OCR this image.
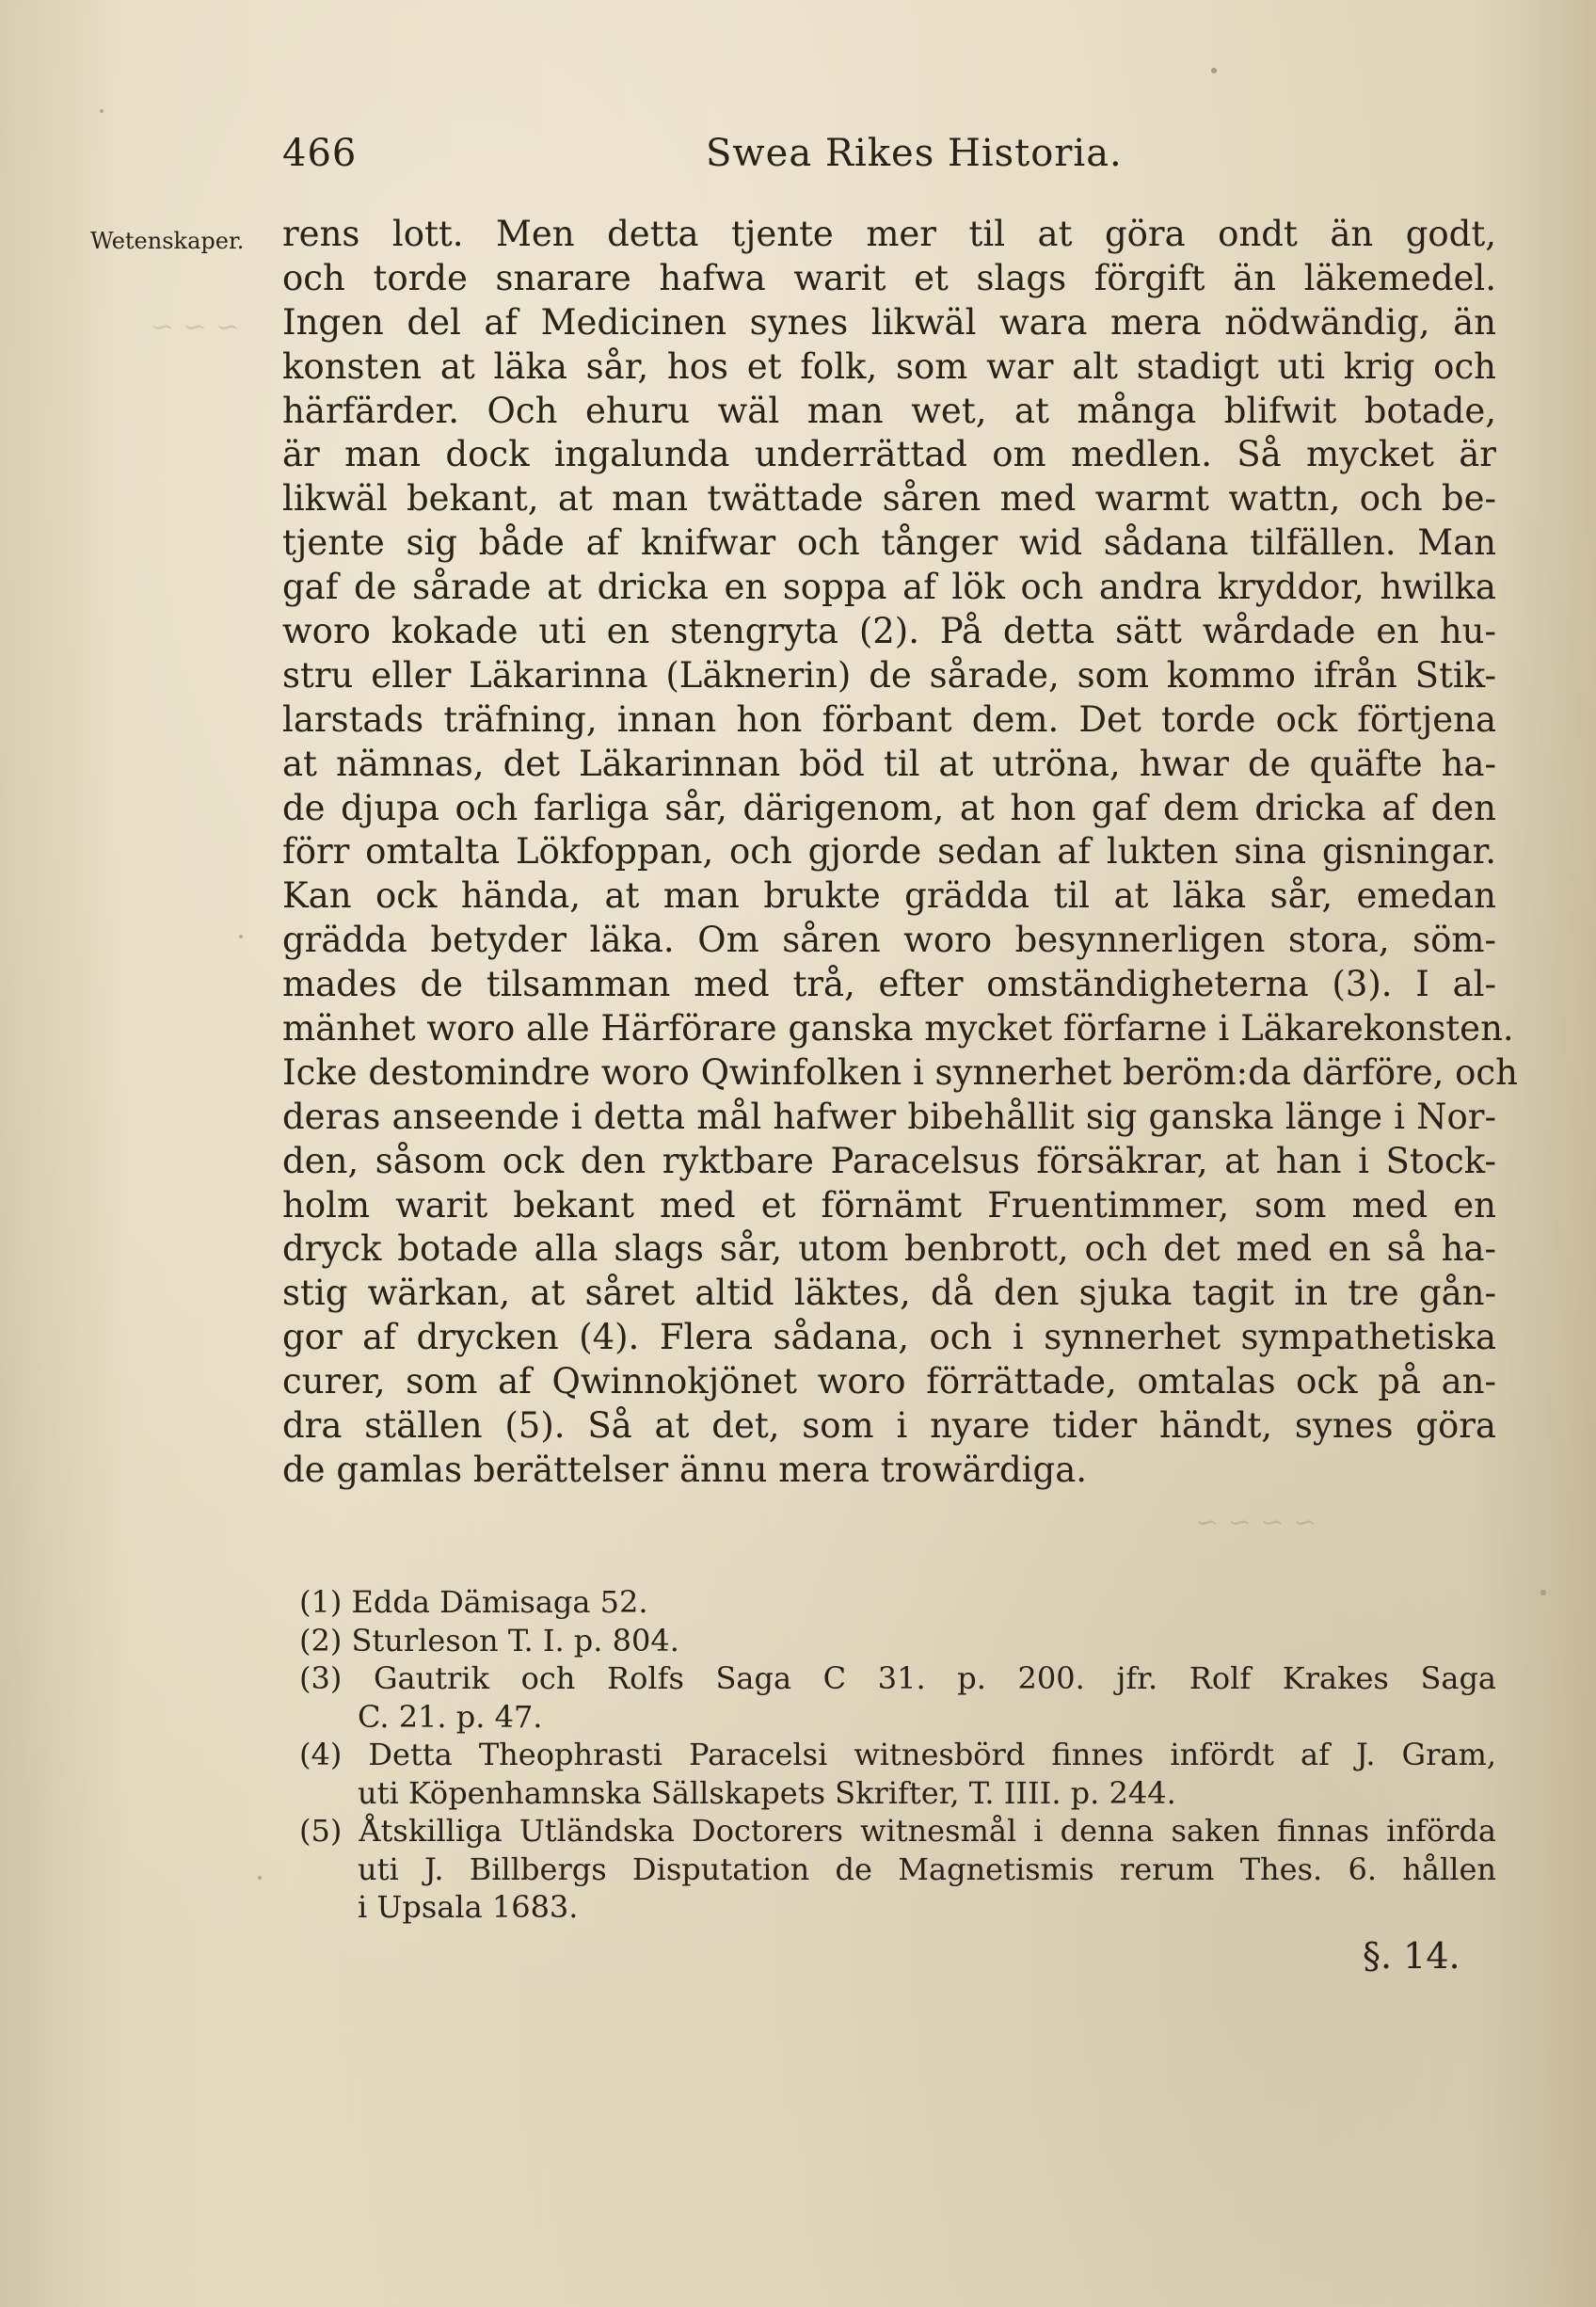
~ ~ ~
~ ~ ~ ~
466	Swea Rikes Historia.
Wetenskaper.	rens lott. Men detta tjente mer til at göra ondt än godt,
och torde snarare hafwa warit et slags förgift än läkemedel.
Ingen del af Medicinen synes likwäl wara mera nödwändig, än
konsten at läka sår, hos et folk, som war alt stadigt uti krig och
härfärder. Och ehuru wäl man wet, at många blifwit botade,
är man dock ingalunda underrättad om medlen. Så mycket är
likwäl bekant, at man twättade såren med warmt wattn, och be-
tjente sig både af knifwar och tånger wid sådana tilfällen. Man
gaf de sårade at dricka en soppa af lök och andra kryddor, hwilka
woro kokade uti en stengryta (2). På detta sätt wårdade en hu-
stru eller Läkarinna (Läknerin) de sårade, som kommo ifrån Stik-
larstads träfning, innan hon förbant dem. Det torde ock förtjena
at nämnas, det Läkarinnan böd til at utröna, hwar de quäfte ha-
de djupa och farliga sår, därigenom, at hon gaf dem dricka af den
förr omtalta Lökfoppan, och gjorde sedan af lukten sina gisningar.
Kan ock hända, at man brukte grädda til at läka sår, emedan
grädda betyder läka. Om såren woro besynnerligen stora, söm-
mades de tilsamman med trå, efter omständigheterna (3). I al-
mänhet woro alle Härförare ganska mycket förfarne i Läkarekonsten.
Icke destomindre woro Qwinfolken i synnerhet beröm:da därföre, och
deras anseende i detta mål hafwer bibehållit sig ganska länge i Nor-
den, såsom ock den ryktbare Paracelsus försäkrar, at han i Stock-
holm warit bekant med et förnämt Fruentimmer, som med en
dryck botade alla slags sår, utom benbrott, och det med en så ha-
stig wärkan, at såret altid läktes, då den sjuka tagit in tre gån-
gor af drycken (4). Flera sådana, och i synnerhet sympathetiska
curer, som af Qwinnokjönet woro förrättade, omtalas ock på an-
dra ställen (5). Så at det, som i nyare tider händt, synes göra
de gamlas berättelser ännu mera trowärdiga.
(1) Edda Dämisaga 52.
(2) Sturleson T. I. p. 804.
(3) Gautrik och Rolfs Saga C 31. p. 200. jfr. Rolf Krakes Saga
C. 21. p. 47.
(4) Detta Theophrasti Paracelsi witnesbörd finnes infördt af J. Gram,
uti Köpenhamnska Sällskapets Skrifter, T. IIII. p. 244.
(5) Åtskilliga Utländska Doctorers witnesmål i denna saken finnas införda
uti J. Billbergs Disputation de Magnetismis rerum Thes. 6. hållen
i Upsala 1683.
§. 14.
